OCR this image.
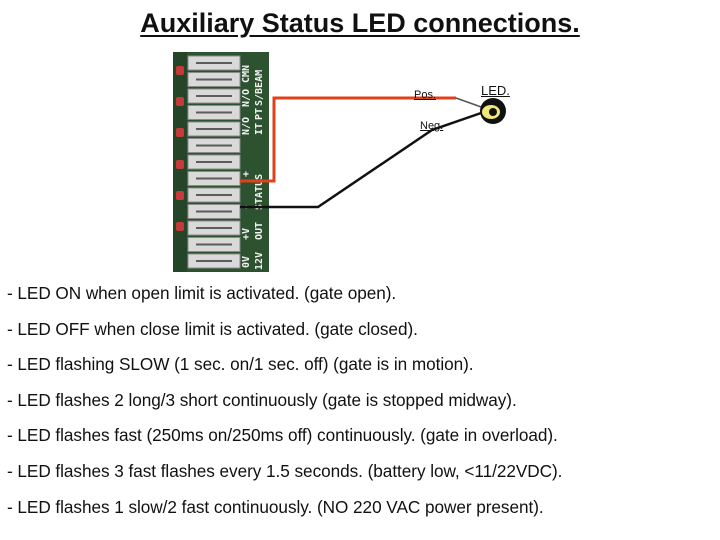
Auxiliary Status LED connections.
N/O
CMN S/BEAM
N/O IT
PT
+
- STATUS
+V OUT
12V
0V
Pos.
Neg.
LED.
- LED ON when open limit is activated. (gate open).
- LED OFF when close limit is activated. (gate closed).
- LED flashing SLOW (1 sec. on/1 sec. off) (gate is in motion).
- LED flashes 2 long/3 short continuously (gate is stopped midway).
- LED flashes fast (250ms on/250ms off) continuously. (gate in overload).
- LED flashes 3 fast flashes every 1.5 seconds. (battery low, <11/22VDC).
- LED flashes 1 slow/2 fast continuously. (NO 220 VAC power present).
